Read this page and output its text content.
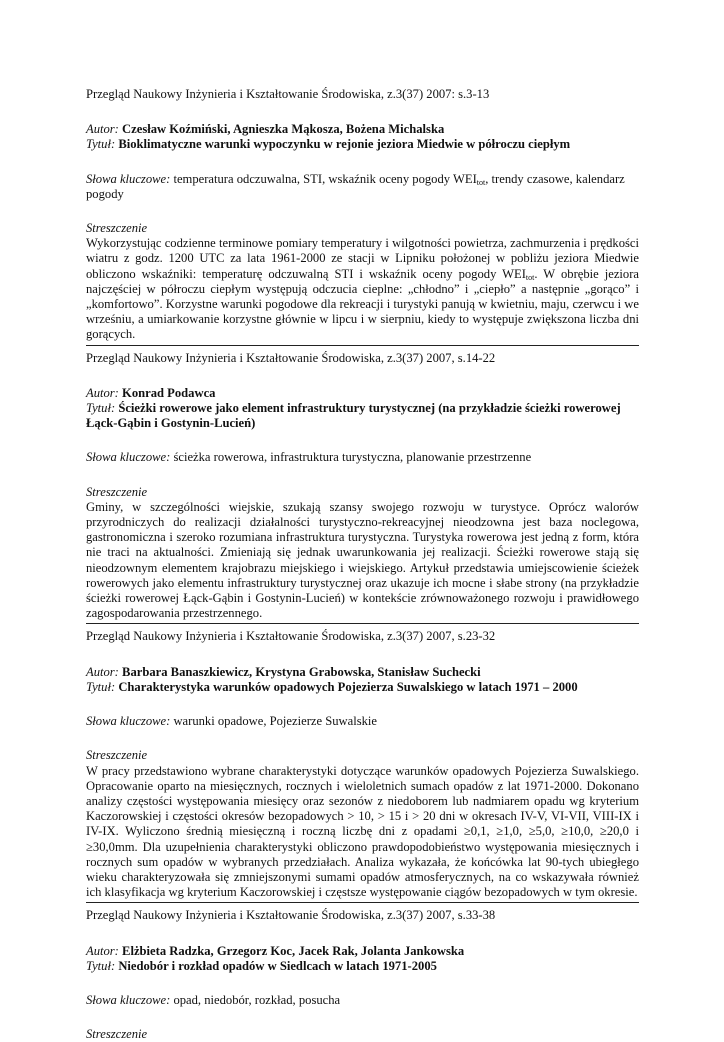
Przegląd Naukowy Inżynieria i Kształtowanie Środowiska, z.3(37) 2007: s.3-13

Autor: Czesław Koźmiński, Agnieszka Mąkosza, Bożena Michalska

Tytuł: Bioklimatyczne warunki wypoczynku w rejonie jeziora Miedwie w półroczu ciepłym

Słowa kluczowe: temperatura odczuwalna, STI, wskaźnik oceny pogody $WEI_{tot}$, trendy czasowe, kalendarz pogody

Streszczenie

Wykorzystując codzienne terminowe pomiary temperatury i wilgotności powietrza, zachmurzenia i prędkości wiatru z godz. 1200 UTC za lata 1961-2000 ze stacji w Lipniku położonej w pobliżu jeziora Miedwie obliczono wskaźniki: temperaturę odczuwalną STI i wskaźnik oceny pogody $WEI_{tot}$. W obrębie jeziora najczęściej w półroczu ciepłym występują odczucia cieplne: „chłodno” i „ciepło” a następnie „gorąco” i „komfortowo”. Korzystne warunki pogodowe dla rekreacji i turystyki panują w kwietniu, maju, czerwcu i we wrześniu, a umiarkowanie korzystne głównie w lipcu i w sierpniu, kiedy to występuje zwiększona liczba dni gorących.

Przegląd Naukowy Inżynieria i Kształtowanie Środowiska, z.3(37) 2007, s.14-22

Autor: Konrad Podawca

Tytuł: Ścieżki rowerowe jako element infrastruktury turystycznej (na przykładzie ścieżki rowerowej Łąck-Gąbin i Gostynin-Lucień)

Słowa kluczowe: ścieżka rowerowa, infrastruktura turystyczna, planowanie przestrzenne

Streszczenie

Gminy, w szczególności wiejskie, szukają szansy swojego rozwoju w turystyce. Oprócz walorów przyrodniczych do realizacji działalności turystyczno-rekreacyjnej nieodzowna jest baza noclegowa, gastronomiczna i szeroko rozumiana infrastruktura turystyczna. Turystyka rowerowa jest jedną z form, która nie traci na aktualności. Zmieniają się jednak uwarunkowania jej realizacji. Ścieżki rowerowe stają się nieodzownym elementem krajobrazu miejskiego i wiejskiego. Artykuł przedstawia umiejscowienie ścieżek rowerowych jako elementu infrastruktury turystycznej oraz ukazuje ich mocne i słabe strony (na przykładzie ścieżki rowerowej Łąck-Gąbin i Gostynin-Lucień) w kontekście zrównoważonego rozwoju i prawidłowego zagospodarowania przestrzennego.

Przegląd Naukowy Inżynieria i Kształtowanie Środowiska, z.3(37) 2007, s.23-32

Autor: Barbara Banaszkiewicz, Krystyna Grabowska, Stanisław Suchecki

Tytuł: Charakterystyka warunków opadowych Pojezierza Suwalskiego w latach 1971 – 2000

Słowa kluczowe: warunki opadowe, Pojezierze Suwalskie

Streszczenie

W pracy przedstawiono wybrane charakterystyki dotyczące warunków opadowych Pojezierza Suwalskiego. Opracowanie oparto na miesięcznych, rocznych i wieloletnich sumach opadów z lat 1971-2000. Dokonano analizy częstości występowania miesięcy oraz sezonów z niedoborem lub nadmiarem opadu wg kryterium Kaczorowskiej i częstości okresów bezopadowych > 10, > 15 i > 20 dni w okresach IV-V, VI-VII, VIII-IX i IV-IX. Wyliczono średnią miesięczną i roczną liczbę dni z opadami ≥0,1, ≥1,0, ≥5,0, ≥10,0, ≥20,0 i ≥30,0mm. Dla uzupełnienia charakterystyki obliczono prawdopodobieństwo występowania miesięcznych i rocznych sum opadów w wybranych przedziałach. Analiza wykazała, że końcówka lat 90-tych ubiegłego wieku charakteryzowała się zmniejszonymi sumami opadów atmosferycznych, na co wskazywała również ich klasyfikacja wg kryterium Kaczorowskiej i częstsze występowanie ciągów bezopadowych w tym okresie.

Przegląd Naukowy Inżynieria i Kształtowanie Środowiska, z.3(37) 2007, s.33-38

Autor: Elżbieta Radzka, Grzegorz Koc, Jacek Rak, Jolanta Jankowska

Tytuł: Niedobór i rozkład opadów w Siedlcach w latach 1971-2005

Słowa kluczowe: opad, niedobór, rozkład, posucha

Streszczenie
